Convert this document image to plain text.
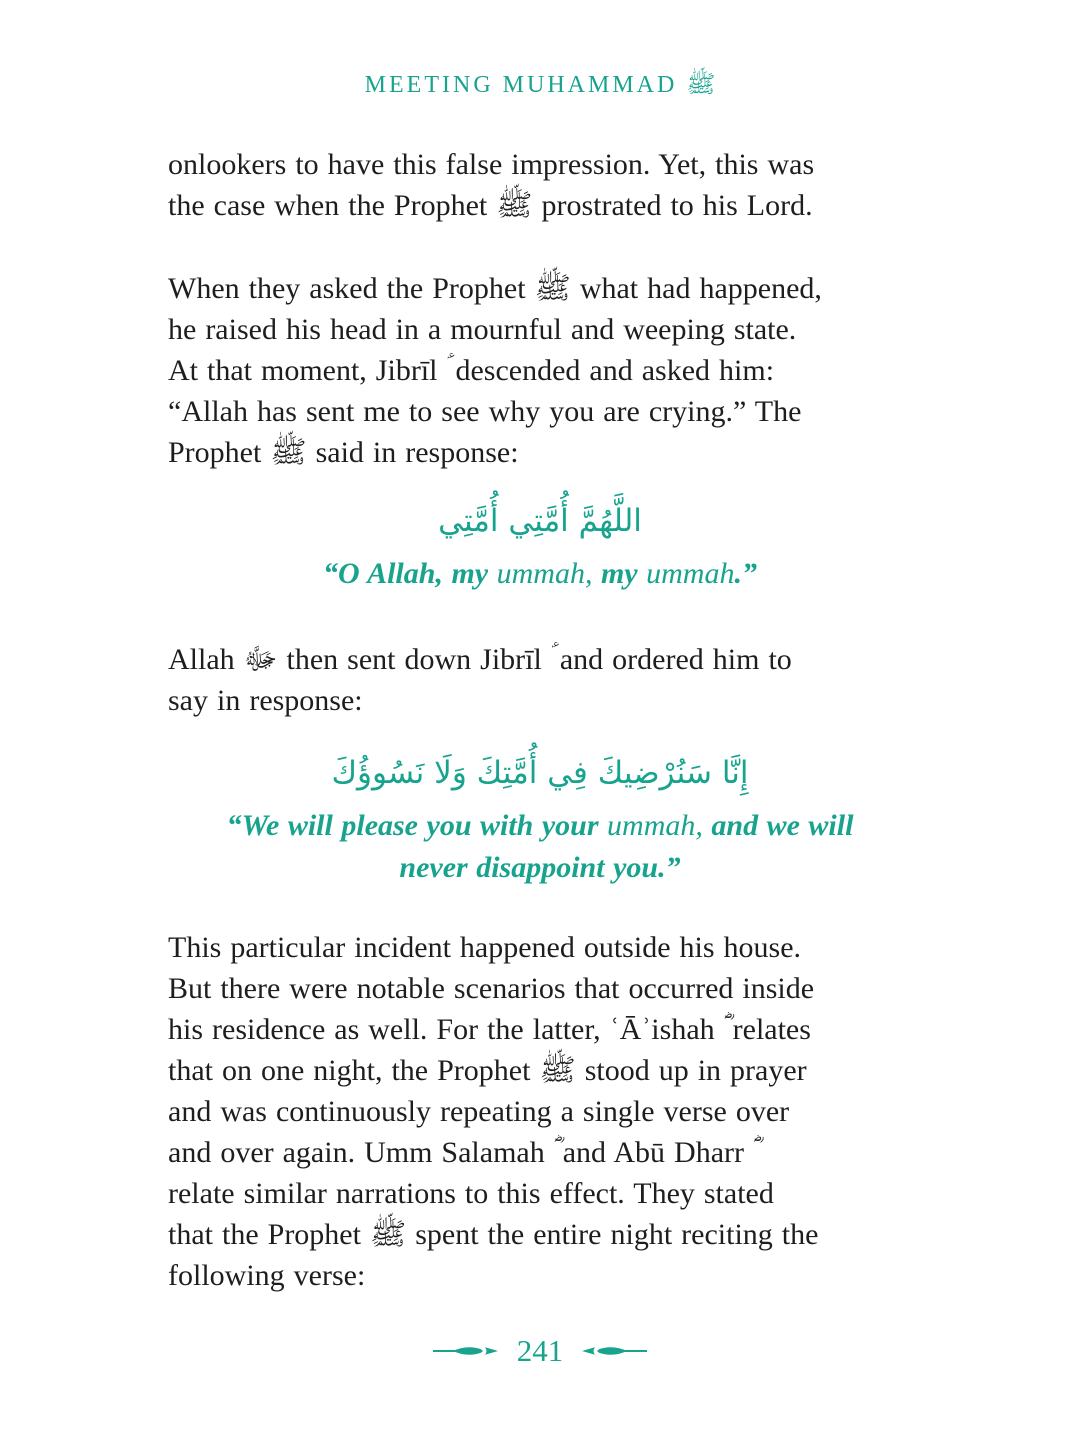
MEETING MUHAMMAD ﷺ
onlookers to have this false impression. Yet, this was
the case when the Prophet ﷺ prostrated to his Lord.
When they asked the Prophet ﷺ what had happened,
he raised his head in a mournful and weeping state.
At that moment, Jibrīl ؑ descended and asked him:
“Allah has sent me to see why you are crying.” The
Prophet ﷺ said in response:
اللَّهُمَّ أُمَّتِي أُمَّتِي
“O Allah, my ummah, my ummah.”
Allah ﷻ then sent down Jibrīl ؑ and ordered him to
say in response:
إِنَّا سَنُرْضِيكَ فِي أُمَّتِكَ وَلَا نَسُوؤُكَ
“We will please you with your ummah, and we will
never disappoint you.”
This particular incident happened outside his house.
But there were notable scenarios that occurred inside
his residence as well. For the latter, ʿĀʾishah ؓ relates
that on one night, the Prophet ﷺ stood up in prayer
and was continuously repeating a single verse over
and over again. Umm Salamah ؓ and Abū Dharr ؓ
relate similar narrations to this effect. They stated
that the Prophet ﷺ spent the entire night reciting the
following verse:
241
